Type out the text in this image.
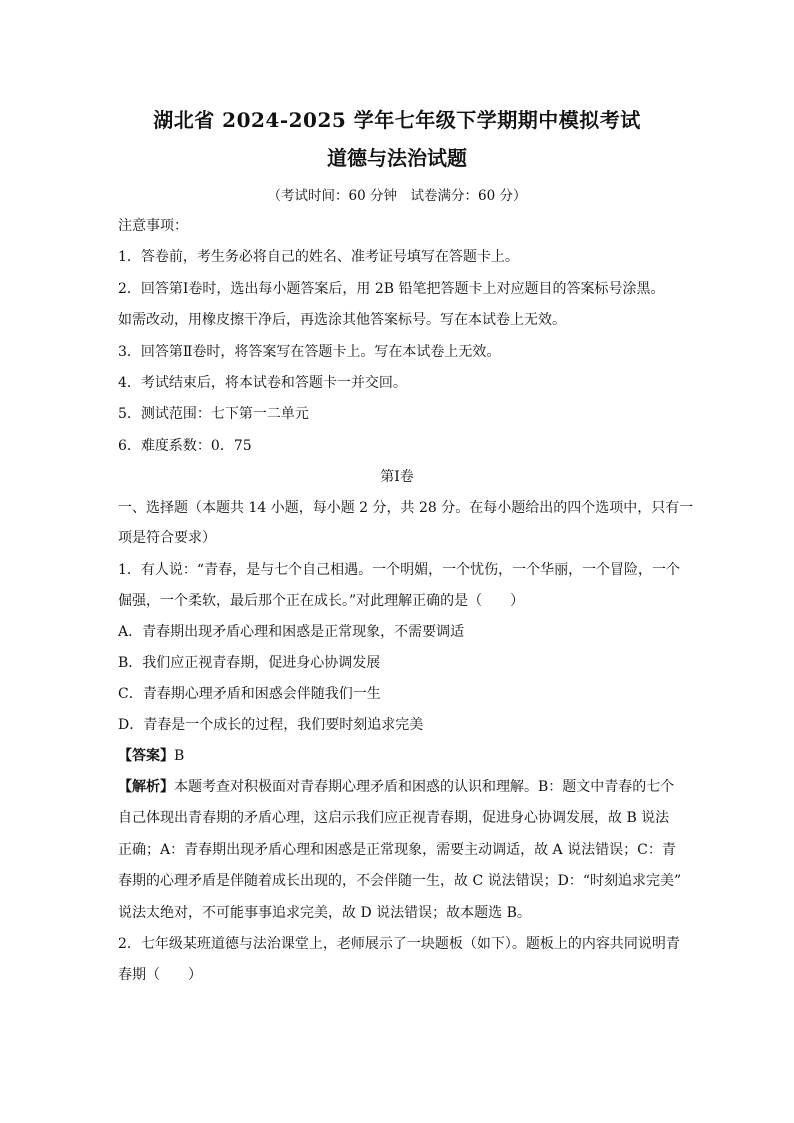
湖北省 2024-2025 学年七年级下学期期中模拟考试
道德与法治试题
（考试时间：60 分钟　试卷满分：60 分）
注意事项：
1．答卷前，考生务必将自己的姓名、准考证号填写在答题卡上。
2．回答第Ⅰ卷时，选出每小题答案后，用 2B 铅笔把答题卡上对应题目的答案标号涂黑。
如需改动，用橡皮擦干净后，再选涂其他答案标号。写在本试卷上无效。
3．回答第Ⅱ卷时，将答案写在答题卡上。写在本试卷上无效。
4．考试结束后，将本试卷和答题卡一并交回。
5．测试范围：七下第一二单元
6．难度系数：0．75
第Ⅰ卷
一、选择题（本题共 14 小题，每小题 2 分，共 28 分。在每小题给出的四个选项中，只有一
项是符合要求）
1．有人说：“青春，是与七个自己相遇。一个明媚，一个忧伤，一个华丽，一个冒险，一个
倔强，一个柔软，最后那个正在成长。”对此理解正确的是（　　）
A．青春期出现矛盾心理和困惑是正常现象，不需要调适
B．我们应正视青春期，促进身心协调发展
C．青春期心理矛盾和困惑会伴随我们一生
D．青春是一个成长的过程，我们要时刻追求完美
【答案】B
【解析】本题考查对积极面对青春期心理矛盾和困惑的认识和理解。B：题文中青春的七个
自己体现出青春期的矛盾心理，这启示我们应正视青春期，促进身心协调发展，故 B 说法
正确；A：青春期出现矛盾心理和困惑是正常现象，需要主动调适，故 A 说法错误；C：青
春期的心理矛盾是伴随着成长出现的，不会伴随一生，故 C 说法错误；D：“时刻追求完美”
说法太绝对，不可能事事追求完美，故 D 说法错误；故本题选 B。
2．七年级某班道德与法治课堂上，老师展示了一块题板（如下）。题板上的内容共同说明青
春期（　　）
